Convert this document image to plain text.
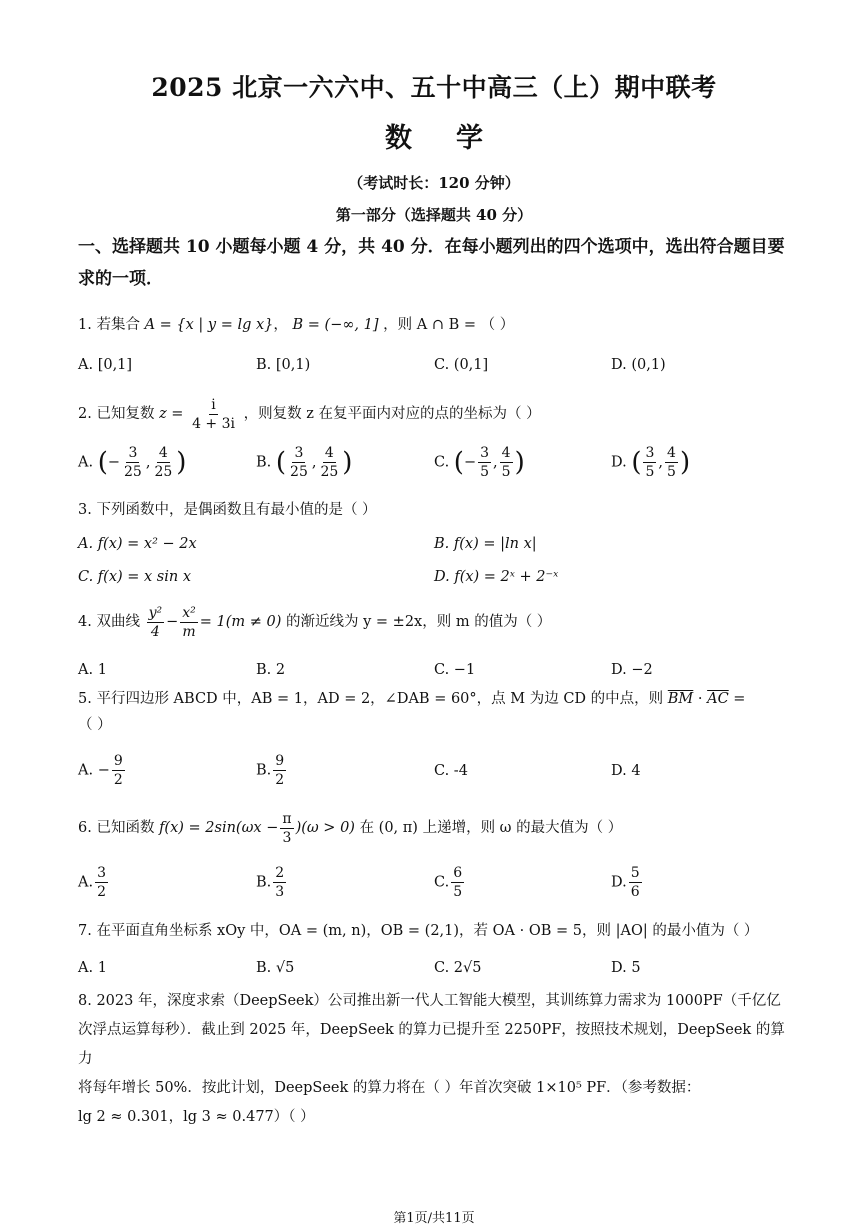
2025 北京一六六中、五十中高三（上）期中联考
数学
（考试时长：120 分钟）
第一部分（选择题共 40 分）
一、选择题共 10 小题每小题 4 分，共 40 分．在每小题列出的四个选项中，选出符合题目要求的一项．
1. 若集合 A = {x | y = lg x}， B = (−∞, 1] ，则 A ∩ B = （ ）
A. [0,1]	B. [0,1)	C. (0,1]	D. (0,1)
2. 已知复数 $z = \frac{i}{4 + 3i}$ ，则复数 z 在复平面内对应的点的坐标为（ ）
A. (− $\frac{3}{25}$ , $\frac{4}{25}$ )	B. ( $\frac{3}{25}$ , $\frac{4}{25}$ )	C. (− $\frac{3}{5}$ , $\frac{4}{5}$ )	D. ( $\frac{3}{5}$ , $\frac{4}{5}$ )
3. 下列函数中，是偶函数且有最小值的是（ ）
A. f(x) = x² − 2x	B. f(x) = |ln x|
C. f(x) = x sin x	D. f(x) = 2ˣ + 2⁻ˣ
4. 双曲线 $\frac{\text{y²}}{4} - \frac{\text{x²}}{m} = 1(m \ne 0)$ 的渐近线为 y = ±2x，则 m 的值为（ ）
A. 1	B. 2	C. −1	D. −2
5. 平行四边形 ABCD 中，AB = 1，AD = 2，∠DAB = 60°，点 M 为边 CD 的中点，则 $\overline{BM} \cdot \overline{AC}$ =
（ ）
A. − $\frac{9}{2}$	B. $\frac{9}{2}$	C. -4	D. 4
6. 已知函数 $f(x) = 2\sin(\omega x - \frac{\pi}{3} )(\omega > 0)$ 在 (0, π) 上递增，则 ω 的最大值为（ ）
A. $\frac{3}{2}$	B. $\frac{2}{3}$	C. $\frac{6}{5}$	D. $\frac{5}{6}$
7. 在平面直角坐标系 xOy 中，OA = (m, n)，OB = (2,1)，若 OA · OB = 5，则 |AO| 的最小值为（ ）
A. 1	B. √5	C. 2√5	D. 5
8. 2023 年，深度求索（DeepSeek）公司推出新一代人工智能大模型，其训练算力需求为 1000PF（千亿亿
次浮点运算每秒）．截止到 2025 年，DeepSeek 的算力已提升至 2250PF，按照技术规划，DeepSeek 的算力
将每年增长 50%．按此计划，DeepSeek 的算力将在（ ）年首次突破 1×10⁵ PF．（参考数据：
lg 2 ≈ 0.301，lg 3 ≈ 0.477）（ ）
第1页/共11页
